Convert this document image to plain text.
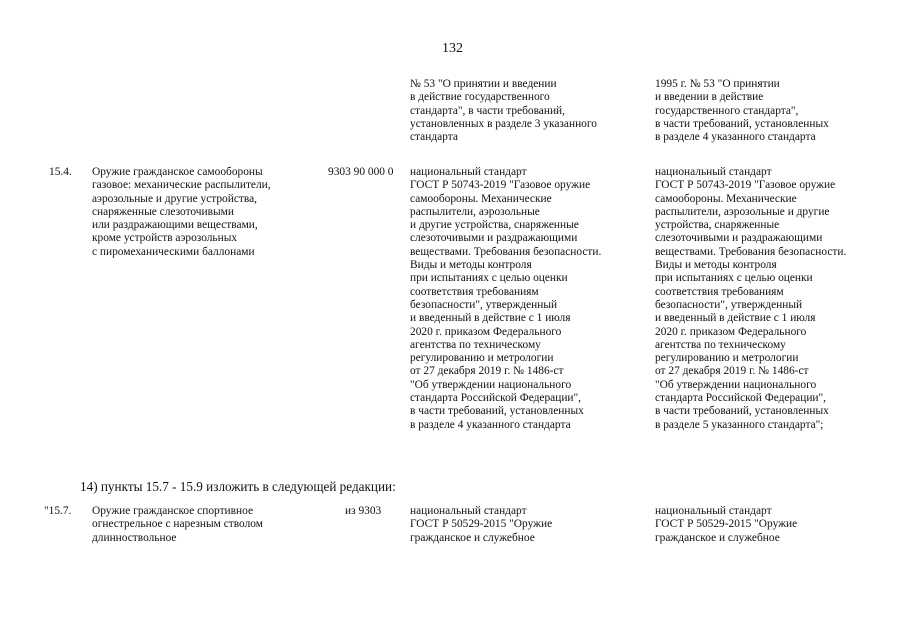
132
№ 53 "О принятии и введении
в действие государственного
стандарта", в части требований,
установленных в разделе 3 указанного
стандарта
1995 г. № 53 "О принятии
и введении в действие
государственного стандарта",
в части требований, установленных
в разделе 4 указанного стандарта
15.4. Оружие гражданское самообороны
газовое: механические распылители,
аэрозольные и другие устройства,
снаряженные слезоточивыми
или раздражающими веществами,
кроме устройств аэрозольных
с пиромеханическими баллонами
9303 90 000 0 национальный стандарт
ГОСТ Р 50743-2019 "Газовое оружие
самообороны. Механические
распылители, аэрозольные
и другие устройства, снаряженные
слезоточивыми и раздражающими
веществами. Требования безопасности.
Виды и методы контроля
при испытаниях с целью оценки
соответствия требованиям
безопасности", утвержденный
и введенный в действие с 1 июля
2020 г. приказом Федерального
агентства по техническому
регулированию и метрологии
от 27 декабря 2019 г. № 1486-ст
"Об утверждении национального
стандарта Российской Федерации",
в части требований, установленных
в разделе 4 указанного стандарта
национальный стандарт
ГОСТ Р 50743-2019 "Газовое оружие
самообороны. Механические
распылители, аэрозольные и другие
устройства, снаряженные
слезоточивыми и раздражающими
веществами. Требования безопасности.
Виды и методы контроля
при испытаниях с целью оценки
соответствия требованиям
безопасности", утвержденный
и введенный в действие с 1 июля
2020 г. приказом Федерального
агентства по техническому
регулированию и метрологии
от 27 декабря 2019 г. № 1486-ст
"Об утверждении национального
стандарта Российской Федерации",
в части требований, установленных
в разделе 5 указанного стандарта";
14) пункты 15.7 - 15.9 изложить в следующей редакции:
"15.7. Оружие гражданское спортивное
огнестрельное с нарезным стволом
длинноствольное
из 9303	национальный стандарт
ГОСТ Р 50529-2015 "Оружие
гражданское и служебное
национальный стандарт
ГОСТ Р 50529-2015 "Оружие
гражданское и служебное
